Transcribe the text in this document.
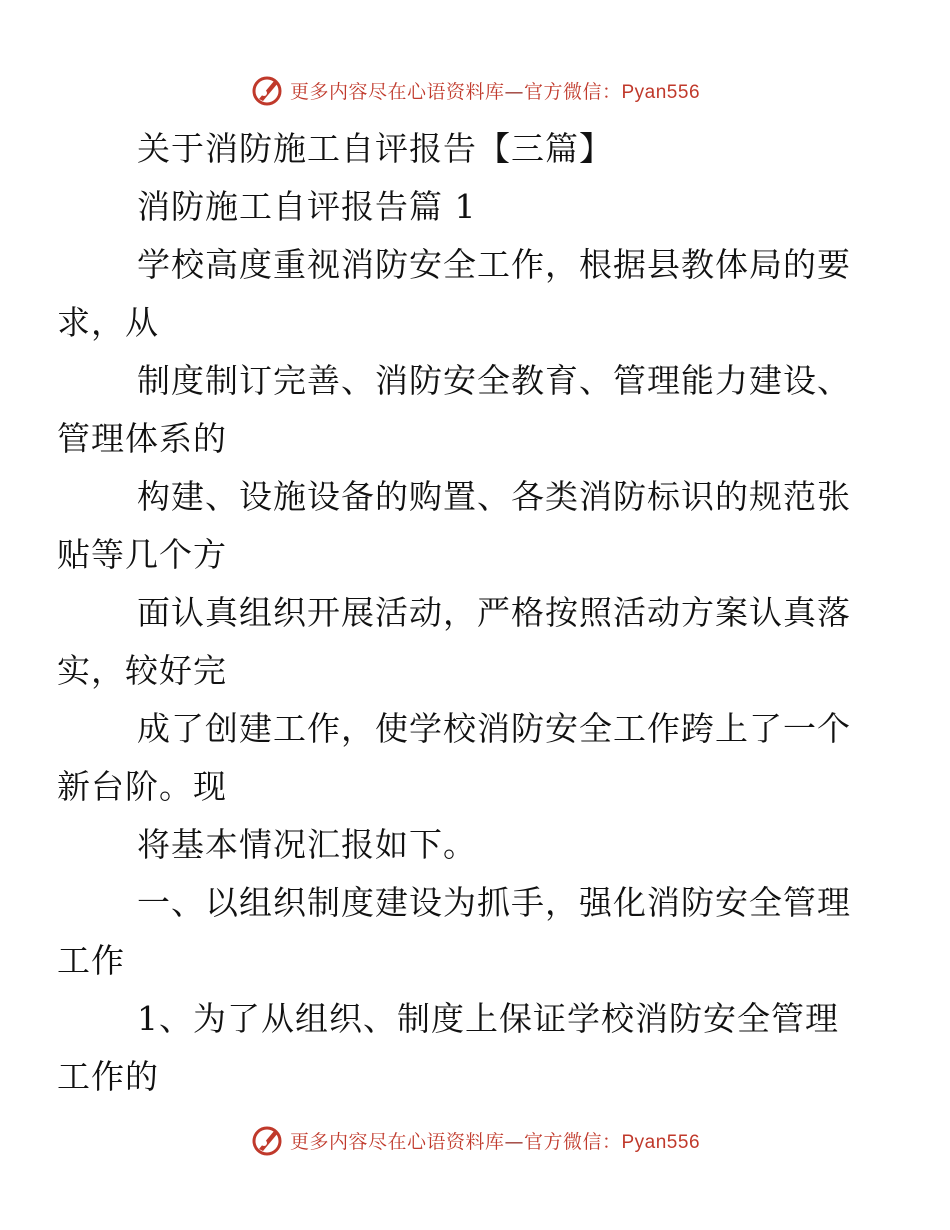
更多内容尽在心语资料库—官方微信：Pyan556

关于消防施工自评报告【三篇】

消防施工自评报告篇 1

学校高度重视消防安全工作，根据县教体局的要
求，从

制度制订完善、消防安全教育、管理能力建设、
管理体系的

构建、设施设备的购置、各类消防标识的规范张
贴等几个方

面认真组织开展活动，严格按照活动方案认真落
实，较好完

成了创建工作，使学校消防安全工作跨上了一个
新台阶。现

将基本情况汇报如下。

一、以组织制度建设为抓手，强化消防安全管理
工作

1、为了从组织、制度上保证学校消防安全管理
工作的

更多内容尽在心语资料库—官方微信：Pyan556
